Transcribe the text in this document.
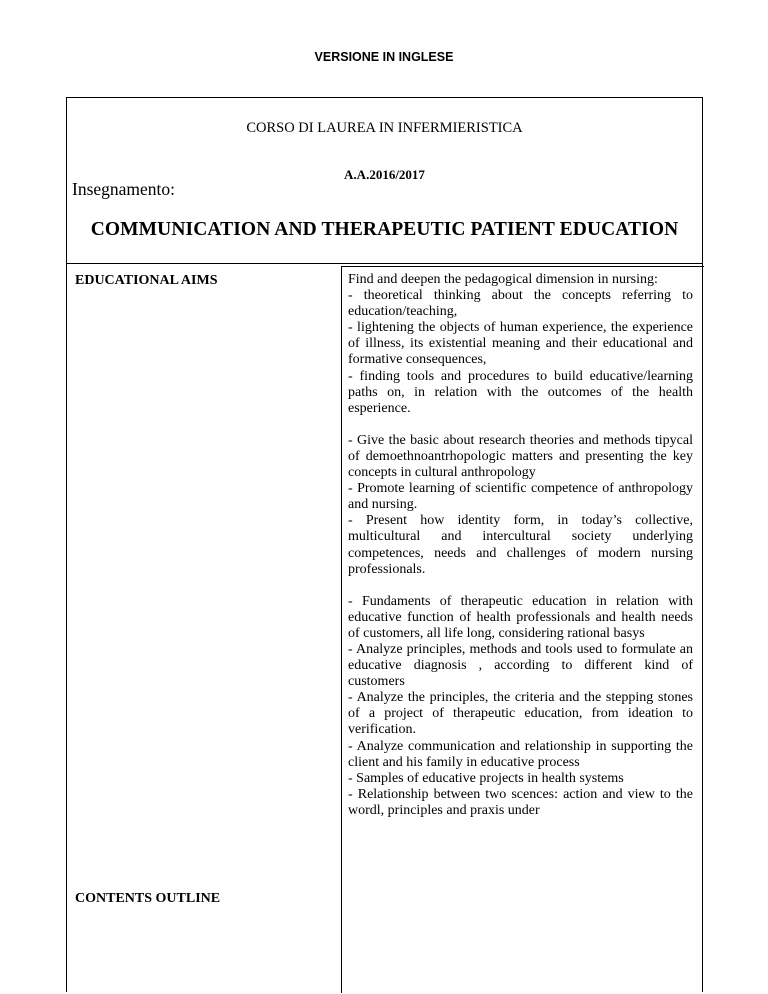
VERSIONE IN INGLESE
CORSO DI LAUREA IN INFERMIERISTICA
A.A.2016/2017
Insegnamento:
COMMUNICATION AND THERAPEUTIC PATIENT EDUCATION
EDUCATIONAL AIMS
CONTENTS OUTLINE

Find and deepen the pedagogical dimension in nursing:
- theoretical thinking about the concepts referring to education/teaching,
- lightening the objects of human experience, the experience of illness, its existential meaning and their educational and formative consequences,
- finding tools and procedures to build educative/learning paths on, in relation with the outcomes of the health esperience.

- Give the basic about research theories and methods tipycal of demoethnoantrhopologic matters and presenting the key concepts in cultural anthropology
- Promote learning of scientific competence of anthropology and nursing.
- Present how identity form, in today’s collective, multicultural and intercultural society underlying competences, needs and challenges of modern nursing professionals.

- Fundaments of therapeutic education in relation with educative function of health professionals and health needs of customers, all life long, considering rational basys
- Analyze principles, methods and tools used to formulate an educative diagnosis , according to different kind of customers
- Analyze the principles, the criteria and the stepping stones of a project of therapeutic education, from ideation to verification.
- Analyze communication and relationship in supporting the client and his family in educative process
- Samples of educative projects in health systems
- Relationship between two scences: action and view to the wordl, principles and praxis under
